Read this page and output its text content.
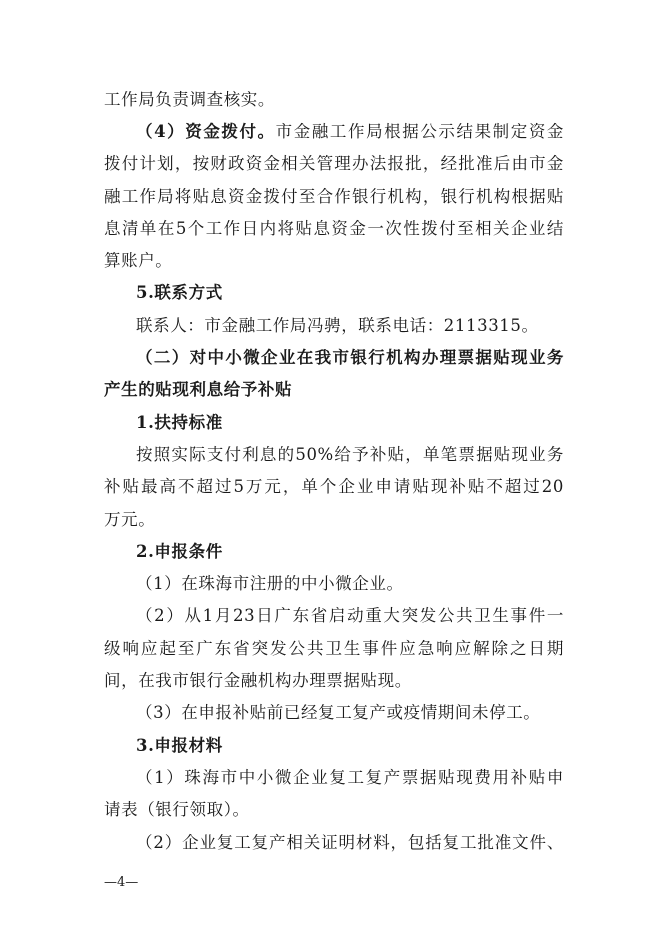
工作局负责调查核实。
（4）资金拨付。市金融工作局根据公示结果制定资金
拨付计划，按财政资金相关管理办法报批，经批准后由市金
融工作局将贴息资金拨付至合作银行机构，银行机构根据贴
息清单在5个工作日内将贴息资金一次性拨付至相关企业结
算账户。
5.联系方式
联系人：市金融工作局冯骋，联系电话：2113315。
（二）对中小微企业在我市银行机构办理票据贴现业务
产生的贴现利息给予补贴
1.扶持标准
按照实际支付利息的50%给予补贴，单笔票据贴现业务
补贴最高不超过5万元，单个企业申请贴现补贴不超过20
万元。
2.申报条件
（1）在珠海市注册的中小微企业。
（2）从1月23日广东省启动重大突发公共卫生事件一
级响应起至广东省突发公共卫生事件应急响应解除之日期
间，在我市银行金融机构办理票据贴现。
（3）在申报补贴前已经复工复产或疫情期间未停工。
3.申报材料
（1）珠海市中小微企业复工复产票据贴现费用补贴申
请表（银行领取）。
（2）企业复工复产相关证明材料，包括复工批准文件、
—4—
